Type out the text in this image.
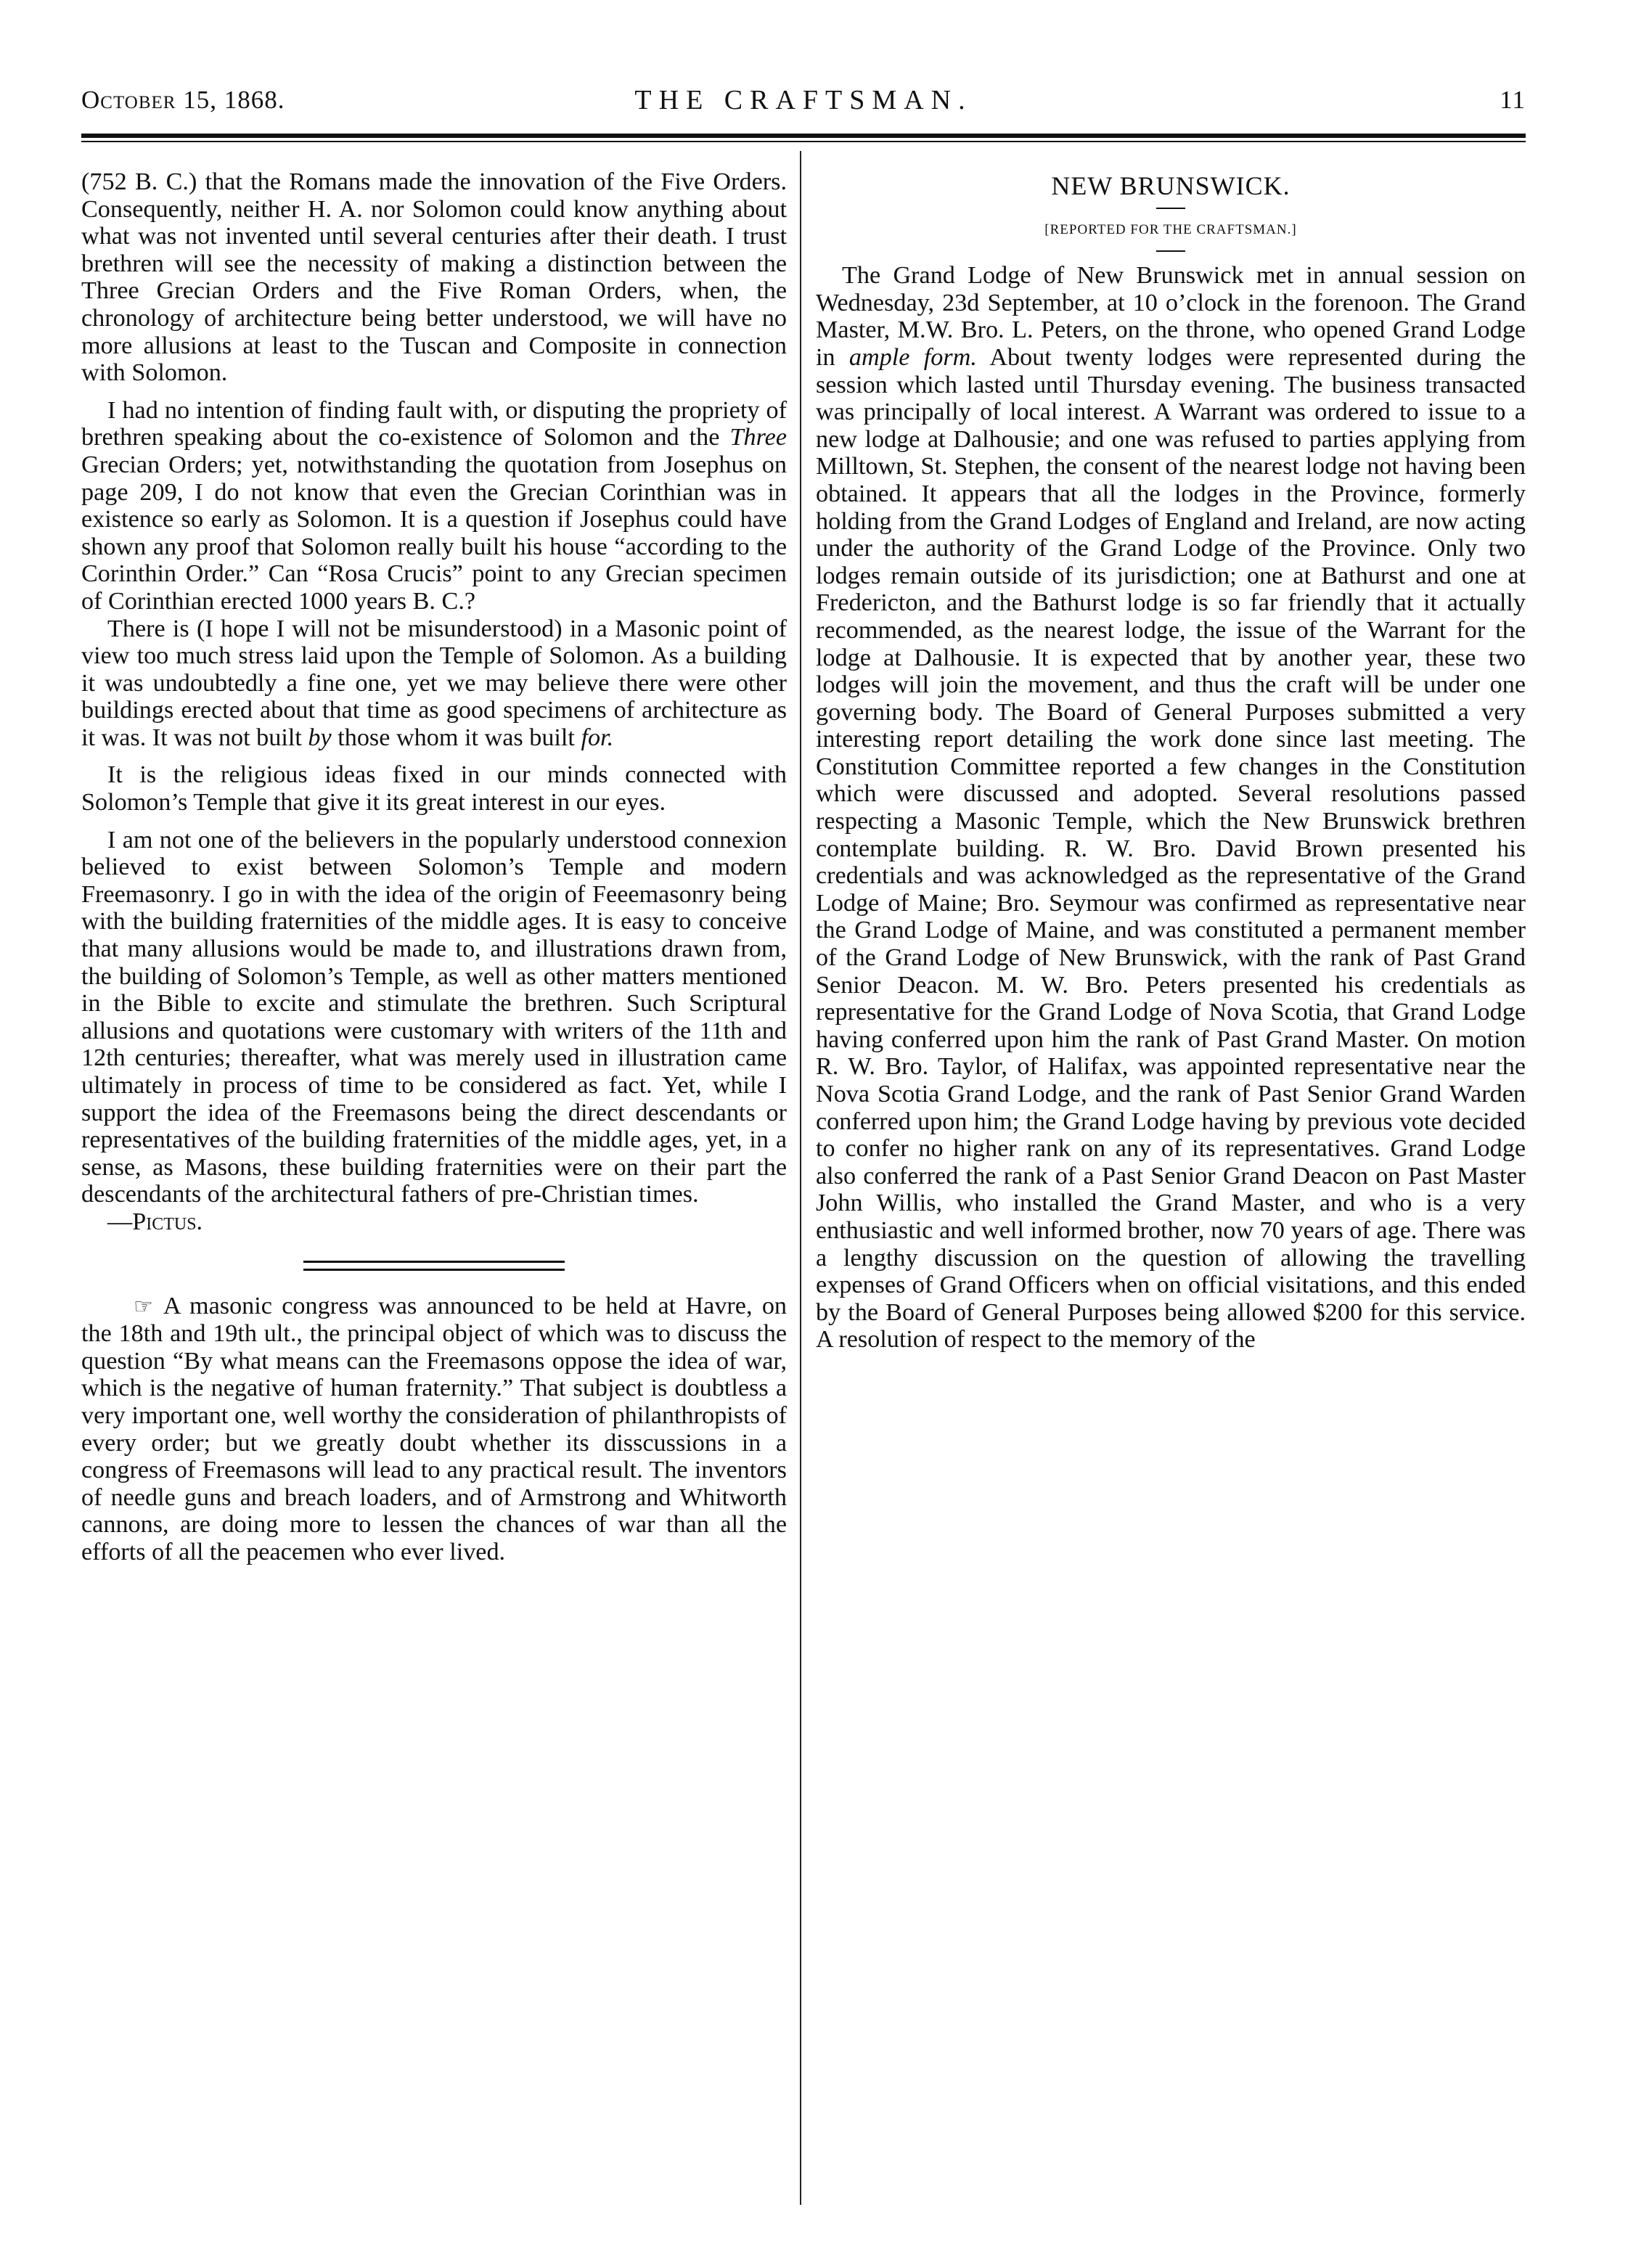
October 15, 1868.	THE CRAFTSMAN.	11

(752 B. C.) that the Romans made the innovation of the Five Orders. Consequently, neither H. A. nor Solomon could know anything about what was not invented until several centuries after their death. I trust brethren will see the necessity of making a distinction between the Three Grecian Orders and the Five Roman Orders, when, the chronology of architecture being better understood, we will have no more allusions at least to the Tuscan and Composite in connection with Solomon.

I had no intention of finding fault with, or disputing the propriety of brethren speaking about the co-existence of Solomon and the Three Grecian Orders; yet, notwithstanding the quotation from Josephus on page 209, I do not know that even the Grecian Corinthian was in existence so early as Solomon. It is a question if Josephus could have shown any proof that Solomon really built his house “according to the Corinthin Order.” Can “Rosa Crucis” point to any Grecian specimen of Corinthian erected 1000 years B. C.?

There is (I hope I will not be misunderstood) in a Masonic point of view too much stress laid upon the Temple of Solomon. As a building it was undoubtedly a fine one, yet we may believe there were other buildings erected about that time as good specimens of architecture as it was. It was not built by those whom it was built for.

It is the religious ideas fixed in our minds connected with Solomon’s Temple that give it its great interest in our eyes.

I am not one of the believers in the popularly understood connexion believed to exist between Solomon’s Temple and modern Freemasonry. I go in with the idea of the origin of Feeemasonry being with the building fraternities of the middle ages. It is easy to conceive that many allusions would be made to, and illustrations drawn from, the building of Solomon’s Temple, as well as other matters mentioned in the Bible to excite and stimulate the brethren. Such Scriptural allusions and quotations were customary with writers of the 11th and 12th centuries; thereafter, what was merely used in illustration came ultimately in process of time to be considered as fact. Yet, while I support the idea of the Freemasons being the direct descendants or representatives of the building fraternities of the middle ages, yet, in a sense, as Masons, these building fraternities were on their part the descendants of the architectural fathers of pre-Christian times.

—Pictus.

☞ A masonic congress was announced to be held at Havre, on the 18th and 19th ult., the principal object of which was to discuss the question “By what means can the Freemasons oppose the idea of war, which is the negative of human fraternity.” That subject is doubtless a very important one, well worthy the consideration of philanthropists of every order; but we greatly doubt whether its disscussions in a congress of Freemasons will lead to any practical result. The inventors of needle guns and breach loaders, and of Armstrong and Whitworth cannons, are doing more to lessen the chances of war than all the efforts of all the peacemen who ever lived.

NEW BRUNSWICK.
[REPORTED FOR THE CRAFTSMAN.]

The Grand Lodge of New Brunswick met in annual session on Wednesday, 23d September, at 10 o’clock in the forenoon. The Grand Master, M.W. Bro. L. Peters, on the throne, who opened Grand Lodge in ample form. About twenty lodges were represented during the session which lasted until Thursday evening. The business transacted was principally of local interest. A Warrant was ordered to issue to a new lodge at Dalhousie; and one was refused to parties applying from Milltown, St. Stephen, the consent of the nearest lodge not having been obtained. It appears that all the lodges in the Province, formerly holding from the Grand Lodges of England and Ireland, are now acting under the authority of the Grand Lodge of the Province. Only two lodges remain outside of its jurisdiction; one at Bathurst and one at Fredericton, and the Bathurst lodge is so far friendly that it actually recommended, as the nearest lodge, the issue of the Warrant for the lodge at Dalhousie. It is expected that by another year, these two lodges will join the movement, and thus the craft will be under one governing body. The Board of General Purposes submitted a very interesting report detailing the work done since last meeting. The Constitution Committee reported a few changes in the Constitution which were discussed and adopted. Several resolutions passed respecting a Masonic Temple, which the New Brunswick brethren contemplate building. R. W. Bro. David Brown presented his credentials and was acknowledged as the representative of the Grand Lodge of Maine; Bro. Seymour was confirmed as representative near the Grand Lodge of Maine, and was constituted a permanent member of the Grand Lodge of New Brunswick, with the rank of Past Grand Senior Deacon. M. W. Bro. Peters presented his credentials as representative for the Grand Lodge of Nova Scotia, that Grand Lodge having conferred upon him the rank of Past Grand Master. On motion R. W. Bro. Taylor, of Halifax, was appointed representative near the Nova Scotia Grand Lodge, and the rank of Past Senior Grand Warden conferred upon him; the Grand Lodge having by previous vote decided to confer no higher rank on any of its representatives. Grand Lodge also conferred the rank of a Past Senior Grand Deacon on Past Master John Willis, who installed the Grand Master, and who is a very enthusiastic and well informed brother, now 70 years of age. There was a lengthy discussion on the question of allowing the travelling expenses of Grand Officers when on official visitations, and this ended by the Board of General Purposes being allowed $200 for this service. A resolution of respect to the memory of the
